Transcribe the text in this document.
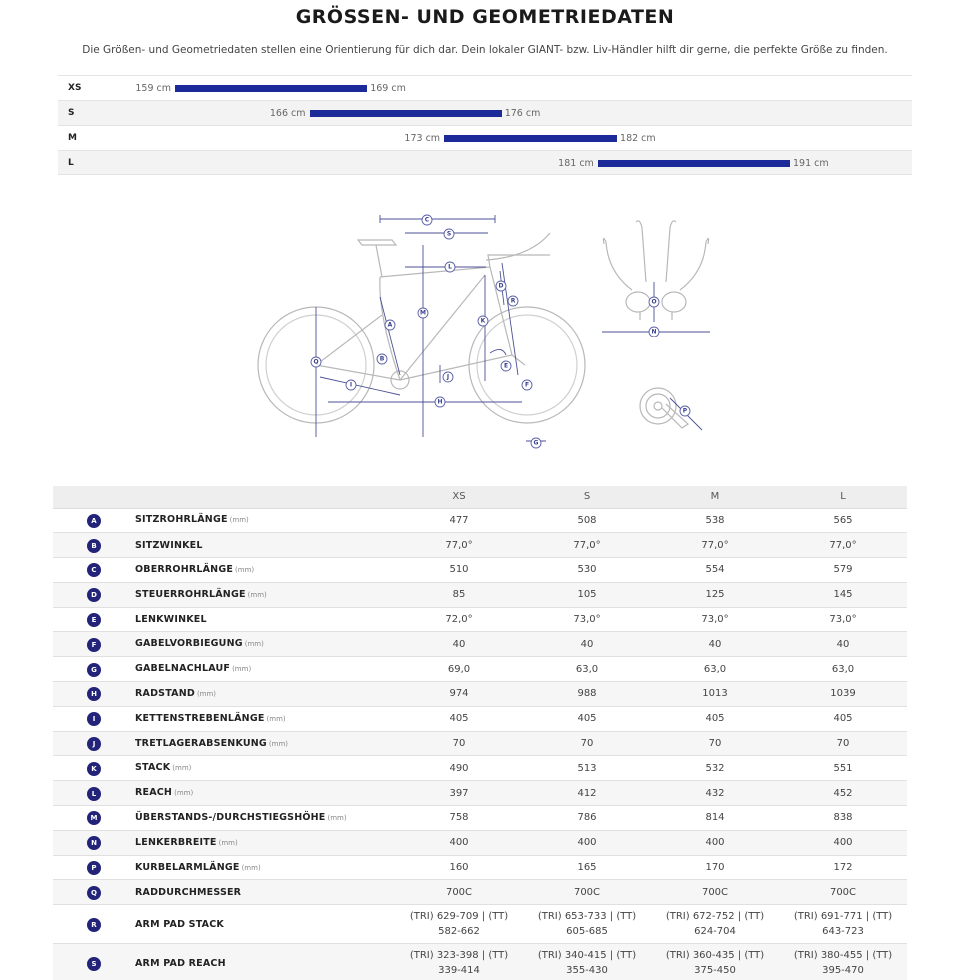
GRÖSSEN- UND GEOMETRIEDATEN
Die Größen- und Geometriedaten stellen eine Orientierung für dich dar. Dein lokaler GIANT- bzw. Liv-Händler hilft dir gerne, die perfekte Größe zu finden.
XS	159 cm	169 cm
S	166 cm	176 cm
M	173 cm	182 cm
L	181 cm	191 cm
C
S
L
D
R
M
K
A
B
Q
E
J
F
I
H
G
O
N
P
		XS	S	M	L
A	SITZROHRLÄNGE (mm)	477	508	538	565
B	SITZWINKEL	77,0°	77,0°	77,0°	77,0°
C	OBERROHRLÄNGE (mm)	510	530	554	579
D	STEUERROHRLÄNGE (mm)	85	105	125	145
E	LENKWINKEL	72,0°	73,0°	73,0°	73,0°
F	GABELVORBIEGUNG (mm)	40	40	40	40
G	GABELNACHLAUF (mm)	69,0	63,0	63,0	63,0
H	RADSTAND (mm)	974	988	1013	1039
I	KETTENSTREBENLÄNGE (mm)	405	405	405	405
J	TRETLAGERABSENKUNG (mm)	70	70	70	70
K	STACK (mm)	490	513	532	551
L	REACH (mm)	397	412	432	452
M	ÜBERSTANDS-/DURCHSTIEGSHÖHE (mm)	758	786	814	838
N	LENKERBREITE (mm)	400	400	400	400
P	KURBELARMLÄNGE (mm)	160	165	170	172
Q	RADDURCHMESSER	700C	700C	700C	700C
R	ARM PAD STACK	(TRI) 629-709 | (TT) 582-662	(TRI) 653-733 | (TT) 605-685	(TRI) 672-752 | (TT) 624-704	(TRI) 691-771 | (TT) 643-723
S	ARM PAD REACH	(TRI) 323-398 | (TT) 339-414	(TRI) 340-415 | (TT) 355-430	(TRI) 360-435 | (TT) 375-450	(TRI) 380-455 | (TT) 395-470
